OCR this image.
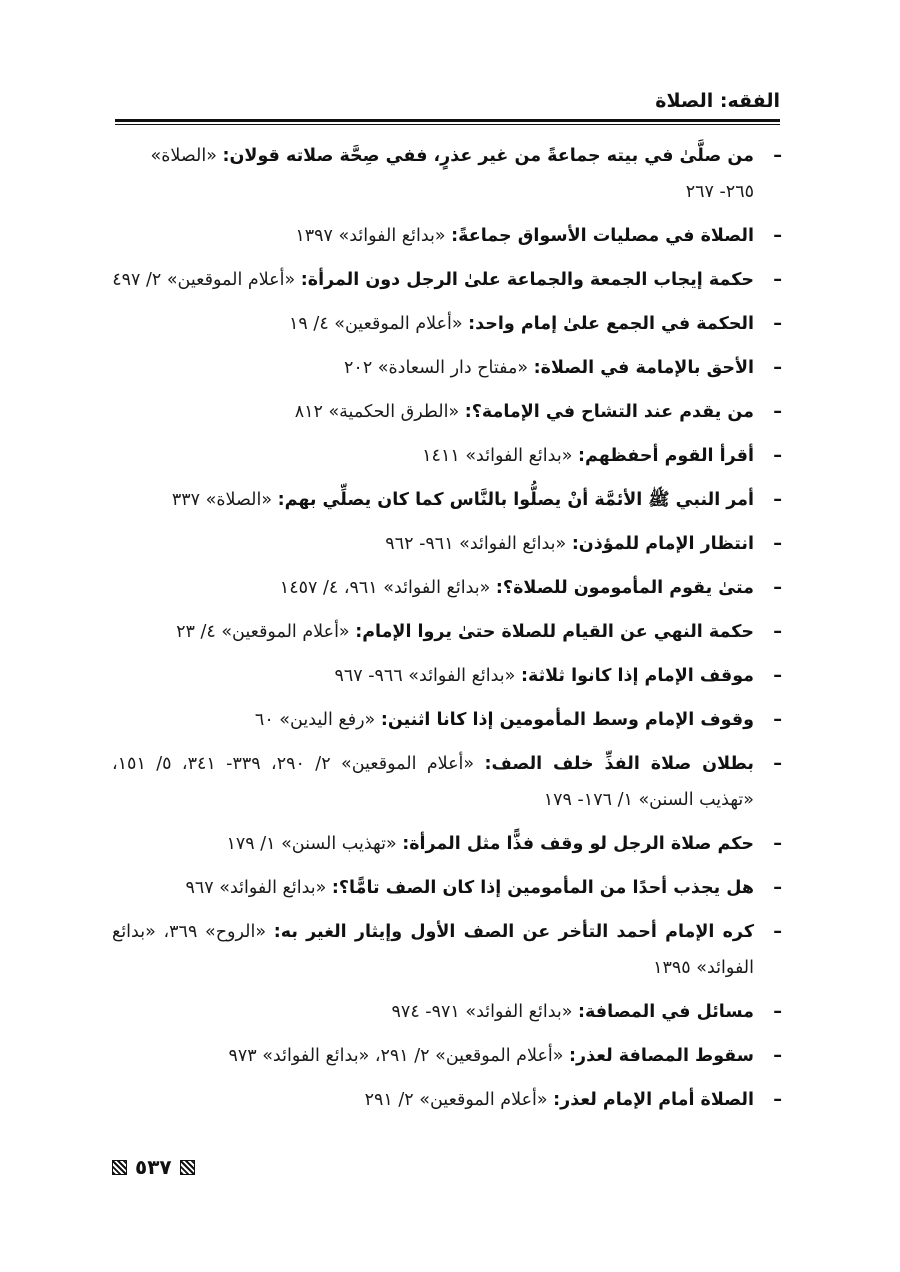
الفقه: الصلاة
–
من صلَّىٰ في بيته جماعةً من غير عذرٍ، ففي صِحَّة صلاته قولان: «الصلاة» ٢٦٥- ٢٦٧
–
الصلاة في مصليات الأسواق جماعةً: «بدائع الفوائد» ١٣٩٧
–
حكمة إيجاب الجمعة والجماعة علىٰ الرجل دون المرأة: «أعلام الموقعين» ٢/ ٤٩٧
–
الحكمة في الجمع علىٰ إمام واحد: «أعلام الموقعين» ٤/ ١٩
–
الأحق بالإمامة في الصلاة: «مفتاح دار السعادة» ٢٠٢
–
من يقدم عند التشاح في الإمامة؟: «الطرق الحكمية» ٨١٢
–
أقرأ القوم أحفظهم: «بدائع الفوائد» ١٤١١
–
أمر النبي ﷺ الأئمَّة أنْ يصلُّوا بالنَّاس كما كان يصلِّي بهم: «الصلاة» ٣٣٧
–
انتظار الإمام للمؤذن: «بدائع الفوائد» ٩٦١- ٩٦٢
–
متىٰ يقوم المأمومون للصلاة؟: «بدائع الفوائد» ٩٦١، ٤/ ١٤٥٧
–
حكمة النهي عن القيام للصلاة حتىٰ يروا الإمام: «أعلام الموقعين» ٤/ ٢٣
–
موقف الإمام إذا كانوا ثلاثة: «بدائع الفوائد» ٩٦٦- ٩٦٧
–
وقوف الإمام وسط المأمومين إذا كانا اثنين: «رفع اليدين» ٦٠
–
بطلان صلاة الفذِّ خلف الصف: «أعلام الموقعين» ٢/ ٢٩٠، ٣٣٩- ٣٤١، ٥/ ١٥١، «تهذيب السنن» ١/ ١٧٦- ١٧٩
–
حكم صلاة الرجل لو وقف فذًّا مثل المرأة: «تهذيب السنن» ١/ ١٧٩
–
هل يجذب أحدًا من المأمومين إذا كان الصف تامًّا؟: «بدائع الفوائد» ٩٦٧
–
كره الإمام أحمد التأخر عن الصف الأول وإيثار الغير به: «الروح» ٣٦٩، «بدائع الفوائد» ١٣٩٥
–
مسائل في المصافة: «بدائع الفوائد» ٩٧١- ٩٧٤
–
سقوط المصافة لعذر: «أعلام الموقعين» ٢/ ٢٩١، «بدائع الفوائد» ٩٧٣
–
الصلاة أمام الإمام لعذر: «أعلام الموقعين» ٢/ ٢٩١
٥٣٧
